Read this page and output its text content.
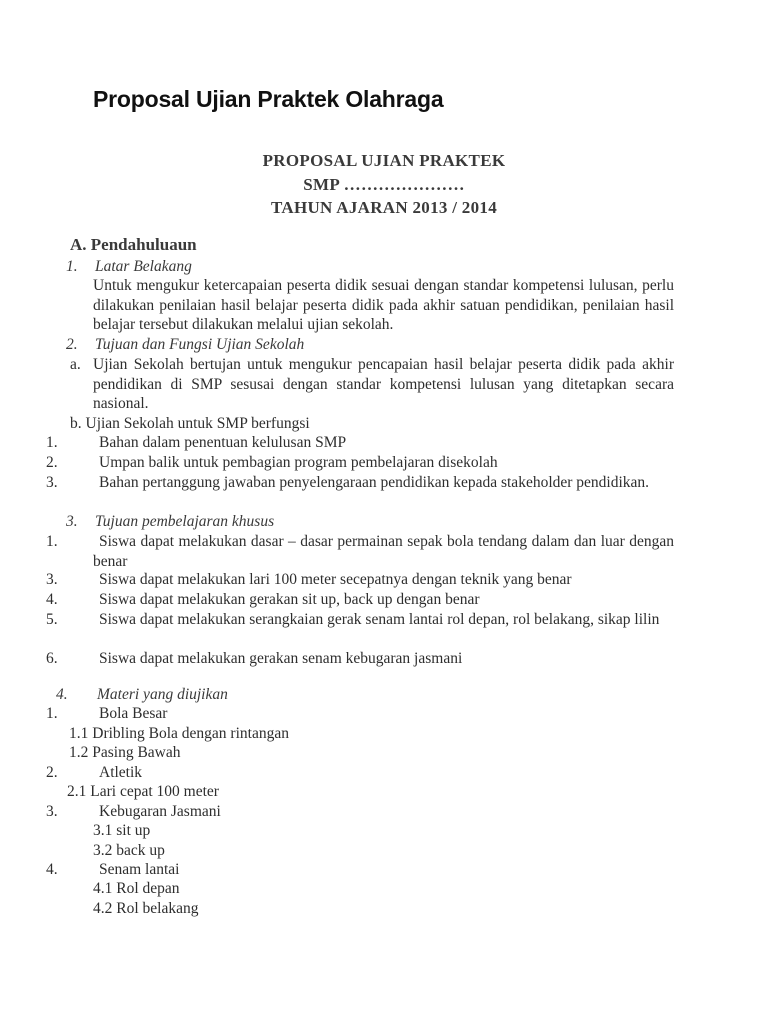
Proposal Ujian Praktek Olahraga
PROPOSAL UJIAN PRAKTEK
SMP …………………
TAHUN AJARAN 2013 / 2014
A. Pendahuluaun
1. Latar Belakang
Untuk mengukur ketercapaian peserta didik sesuai dengan standar kompetensi lulusan, perlu dilakukan penilaian hasil belajar peserta didik pada akhir satuan pendidikan, penilaian hasil belajar tersebut dilakukan melalui ujian sekolah.
2. Tujuan dan Fungsi Ujian Sekolah
a. Ujian Sekolah bertujan untuk mengukur pencapaian hasil belajar peserta didik pada akhir pendidikan di SMP sesusai dengan standar kompetensi lulusan yang ditetapkan secara nasional.
b. Ujian Sekolah untuk SMP berfungsi
1.	Bahan dalam penentuan kelulusan SMP
2.	Umpan balik untuk pembagian program pembelajaran disekolah
3.	Bahan pertanggung jawaban penyelengaraan pendidikan kepada stakeholder pendidikan.
3. Tujuan pembelajaran khusus
1.	Siswa dapat melakukan dasar – dasar permainan sepak bola tendang dalam dan luar dengan benar
3.	Siswa dapat melakukan lari 100 meter secepatnya dengan teknik yang benar
4.	Siswa dapat melakukan gerakan sit up, back up dengan benar
5.	Siswa dapat melakukan serangkaian gerak senam lantai rol depan, rol belakang, sikap lilin
6.	Siswa dapat melakukan gerakan senam kebugaran jasmani
4. Materi yang diujikan
1.	Bola Besar
1.1 Dribling Bola dengan rintangan
1.2 Pasing Bawah
2.	Atletik
2.1 Lari cepat 100 meter
3.	Kebugaran Jasmani
3.1 sit up
3.2 back up
4.	Senam lantai
4.1 Rol depan
4.2 Rol belakang
